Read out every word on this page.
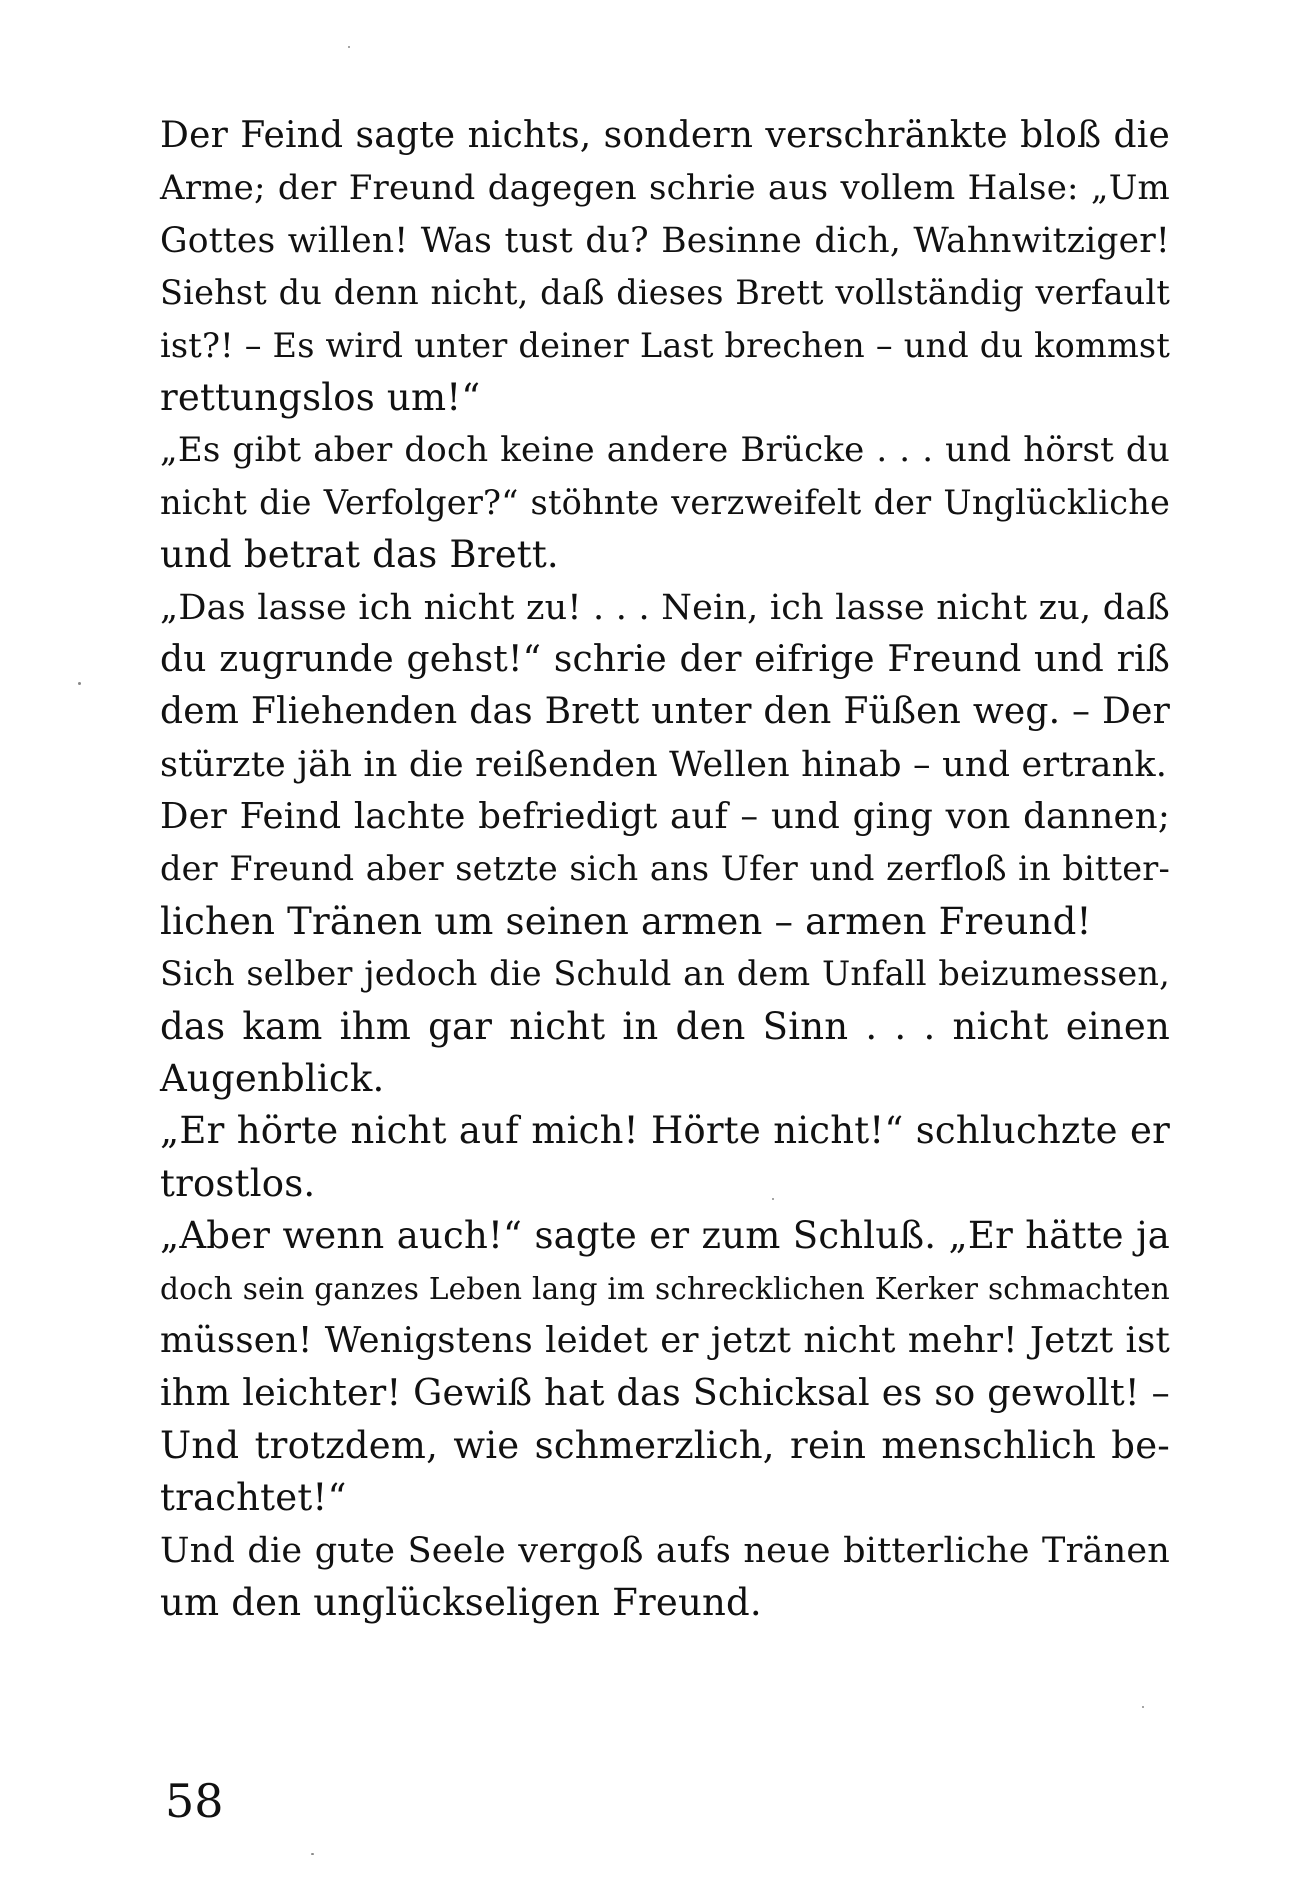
Der Feind sagte nichts, sondern verschränkte bloß die
Arme; der Freund dagegen schrie aus vollem Halse: „Um
Gottes willen! Was tust du? Besinne dich, Wahnwitziger!
Siehst du denn nicht, daß dieses Brett vollständig verfault
ist?! – Es wird unter deiner Last brechen – und du kommst
rettungslos um!“
„Es gibt aber doch keine andere Brücke . . . und hörst du
nicht die Verfolger?“ stöhnte verzweifelt der Unglückliche
und betrat das Brett.
„Das lasse ich nicht zu! . . . Nein, ich lasse nicht zu, daß
du zugrunde gehst!“ schrie der eifrige Freund und riß
dem Fliehenden das Brett unter den Füßen weg. – Der
stürzte jäh in die reißenden Wellen hinab – und ertrank.
Der Feind lachte befriedigt auf – und ging von dannen;
der Freund aber setzte sich ans Ufer und zerfloß in bitter-
lichen Tränen um seinen armen – armen Freund!
Sich selber jedoch die Schuld an dem Unfall beizumessen,
das kam ihm gar nicht in den Sinn . . . nicht einen
Augenblick.
„Er hörte nicht auf mich! Hörte nicht!“ schluchzte er
trostlos.
„Aber wenn auch!“ sagte er zum Schluß. „Er hätte ja
doch sein ganzes Leben lang im schrecklichen Kerker schmachten
müssen! Wenigstens leidet er jetzt nicht mehr! Jetzt ist
ihm leichter! Gewiß hat das Schicksal es so gewollt! –
Und trotzdem, wie schmerzlich, rein menschlich be-
trachtet!“
Und die gute Seele vergoß aufs neue bitterliche Tränen
um den unglückseligen Freund.
58
